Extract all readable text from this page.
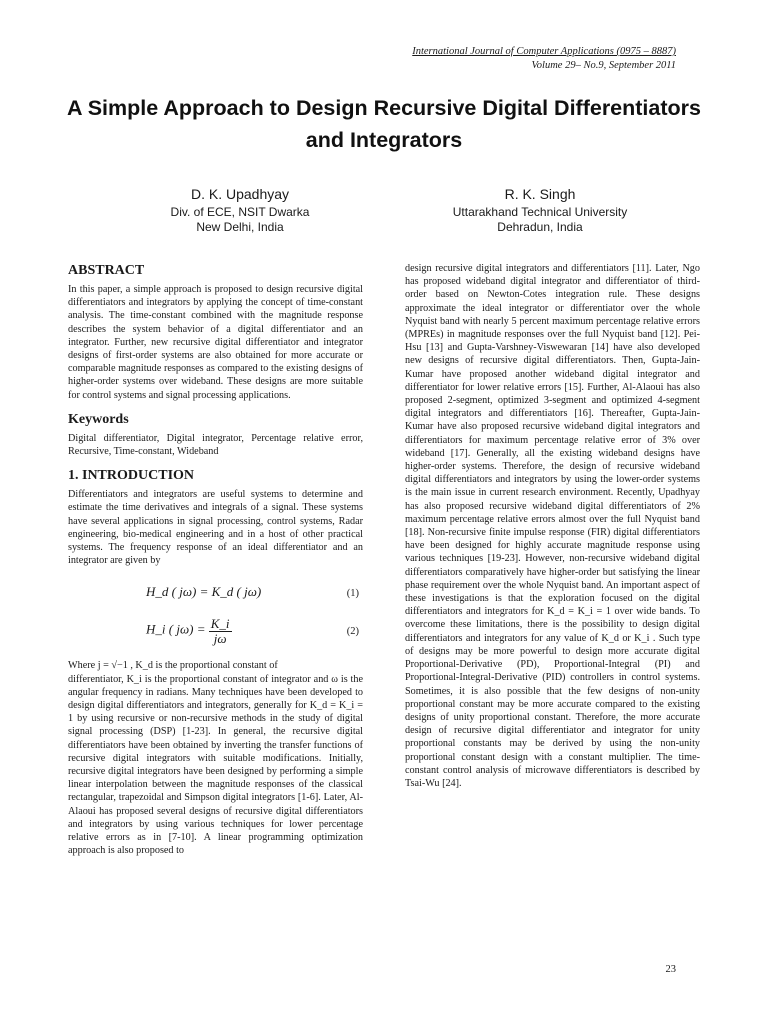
International Journal of Computer Applications (0975 – 8887)
Volume 29– No.9, September 2011
A Simple Approach to Design Recursive Digital Differentiators and Integrators
D. K. Upadhyay
Div. of ECE, NSIT Dwarka
New Delhi, India
R. K. Singh
Uttarakhand Technical University
Dehradun, India
ABSTRACT

In this paper, a simple approach is proposed to design recursive digital differentiators and integrators by applying the concept of time-constant analysis. The time-constant combined with the magnitude response describes the system behavior of a digital differentiator and an integrator. Further, new recursive digital differentiator and integrator designs of first-order systems are also obtained for more accurate or comparable magnitude responses as compared to the existing designs of higher-order systems over wideband. These designs are more suitable for control systems and signal processing applications.

Keywords

Digital differentiator, Digital integrator, Percentage relative error, Recursive, Time-constant, Wideband

1. INTRODUCTION

Differentiators and integrators are useful systems to determine and estimate the time derivatives and integrals of a signal. These systems have several applications in signal processing, control systems, Radar engineering, bio-medical engineering and in a host of other practical systems. The frequency response of an ideal differentiator and an integrator are given by

H_d ( jω) = K_d ( jω)	(1)
H_i ( $j\omega) = \frac{K\_i}{j\omega}$	(2)

Where j = √−1 , K_d is the proportional constant of

differentiator, K_i is the proportional constant of integrator and ω is the angular frequency in radians. Many techniques have been developed to design digital differentiators and integrators, generally for K_d = K_i = 1 by using recursive or non-recursive methods in the study of digital signal processing (DSP) [1-23]. In general, the recursive digital differentiators have been obtained by inverting the transfer functions of recursive digital integrators with suitable modifications. Initially, recursive digital integrators have been designed by performing a simple linear interpolation between the magnitude responses of the classical rectangular, trapezoidal and Simpson digital integrators [1-6]. Later, Al-Alaoui has proposed several designs of recursive digital differentiators and integrators by using various techniques for lower percentage relative errors as in [7-10]. A linear programming optimization approach is also proposed to

design recursive digital integrators and differentiators [11]. Later, Ngo has proposed wideband digital integrator and differentiator of third-order based on Newton-Cotes integration rule. These designs approximate the ideal integrator or differentiator over the whole Nyquist band with nearly 5 percent maximum percentage relative errors (MPREs) in magnitude responses over the full Nyquist band [12]. Pei-Hsu [13] and Gupta-Varshney-Viswewaran [14] have also developed new designs of recursive digital differentiators. Then, Gupta-Jain-Kumar have proposed another wideband digital integrator and differentiator for lower relative errors [15]. Further, Al-Alaoui has also proposed 2-segment, optimized 3-segment and optimized 4-segment digital integrators and differentiators [16]. Thereafter, Gupta-Jain-Kumar have also proposed recursive wideband digital integrators and differentiators for maximum percentage relative error of 3% over wideband [17]. Generally, all the existing wideband designs have higher-order systems. Therefore, the design of recursive wideband digital differentiators and integrators by using the lower-order systems is the main issue in current research environment. Recently, Upadhyay has also proposed recursive wideband digital differentiators of 2% maximum percentage relative errors almost over the full Nyquist band [18]. Non-recursive finite impulse response (FIR) digital differentiators have been designed for highly accurate magnitude response using various techniques [19-23]. However, non-recursive wideband digital differentiators comparatively have higher-order but satisfying the linear phase requirement over the whole Nyquist band. An important aspect of these investigations is that the exploration focused on the digital differentiators and integrators for K_d = K_i = 1 over wide bands. To overcome these limitations, there is the possibility to design digital differentiators and integrators for any value of K_d or K_i . Such type of designs may be more powerful to design more accurate digital Proportional-Derivative (PD), Proportional-Integral (PI) and Proportional-Integral-Derivative (PID) controllers in control systems. Sometimes, it is also possible that the few designs of non-unity proportional constant may be more accurate compared to the existing designs of unity proportional constant. Therefore, the more accurate design of recursive digital differentiator and integrator for unity proportional constants may be derived by using the non-unity proportional constant design with a constant multiplier. The time-constant control analysis of microwave differentiators is described by Tsai-Wu [24].

23
